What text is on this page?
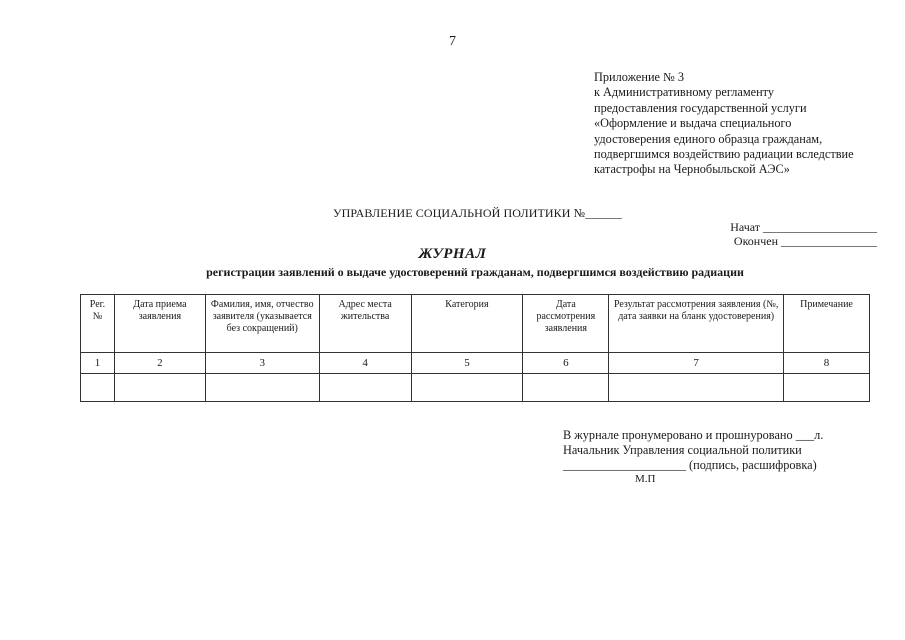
7
Приложение № 3
к Административному регламенту
предоставления государственной услуги
«Оформление и выдача специального
удостоверения единого образца гражданам,
подвергшимся воздействию радиации вследствие
катастрофы на Чернобыльской АЭС»
УПРАВЛЕНИЕ СОЦИАЛЬНОЙ ПОЛИТИКИ №______
Начат ___________________
Окончен ________________
ЖУРНАЛ
регистрации заявлений о выдаче удостоверений гражданам, подвергшимся воздействию радиации
Рег. №	Дата приема заявления	Фамилия, имя, отчество заявителя (указывается без сокращений)	Адрес места жительства	Категория	Дата рассмотрения заявления	Результат рассмотрения заявления (№, дата заявки на бланк удостоверения)	Примечание
1	2	3	4	5	6	7	8

В журнале пронумеровано и прошнуровано ___л.
Начальник Управления социальной политики
____________________ (подпись, расшифровка)
М.П
